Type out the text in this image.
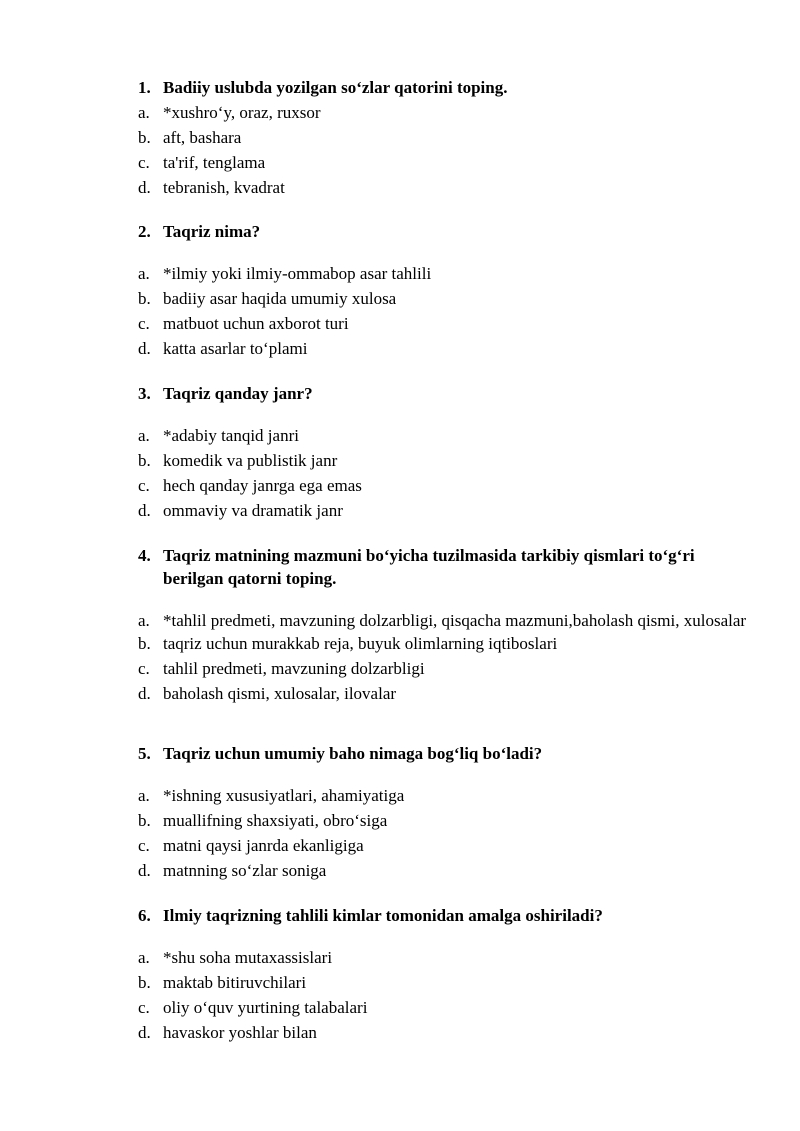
1. Badiiy uslubda yozilgan so‘zlar qatorini toping.
a. *xushro‘y, oraz, ruxsor
b. aft, bashara
c. ta'rif, tenglama
d. tebranish, kvadrat
2. Taqriz nima?
a. *ilmiy yoki ilmiy-ommabop asar tahlili
b. badiiy asar haqida umumiy xulosa
c. matbuot uchun axborot turi
d. katta asarlar to‘plami
3. Taqriz qanday janr?
a. *adabiy tanqid janri
b. komedik va publistik janr
c. hech qanday janrga ega emas
d. ommaviy va dramatik janr
4. Taqriz matnining mazmuni bo‘yicha tuzilmasida tarkibiy qismlari to‘g‘ri berilgan qatorni toping.
a. *tahlil predmeti, mavzuning dolzarbligi, qisqacha mazmuni,baholash qismi, xulosalar
b. taqriz uchun murakkab reja, buyuk olimlarning iqtiboslari
c. tahlil predmeti, mavzuning dolzarbligi
d. baholash qismi, xulosalar, ilovalar
5. Taqriz uchun umumiy baho nimaga bog‘liq bo‘ladi?
a. *ishning xususiyatlari, ahamiyatiga
b. muallifning shaxsiyati, obro‘siga
c. matni qaysi janrda ekanligiga
d. matnning so‘zlar soniga
6. Ilmiy taqrizning tahlili kimlar tomonidan amalga oshiriladi?
a. *shu soha mutaxassislari
b. maktab bitiruvchilari
c. oliy o‘quv yurtining talabalari
d. havaskor yoshlar bilan
